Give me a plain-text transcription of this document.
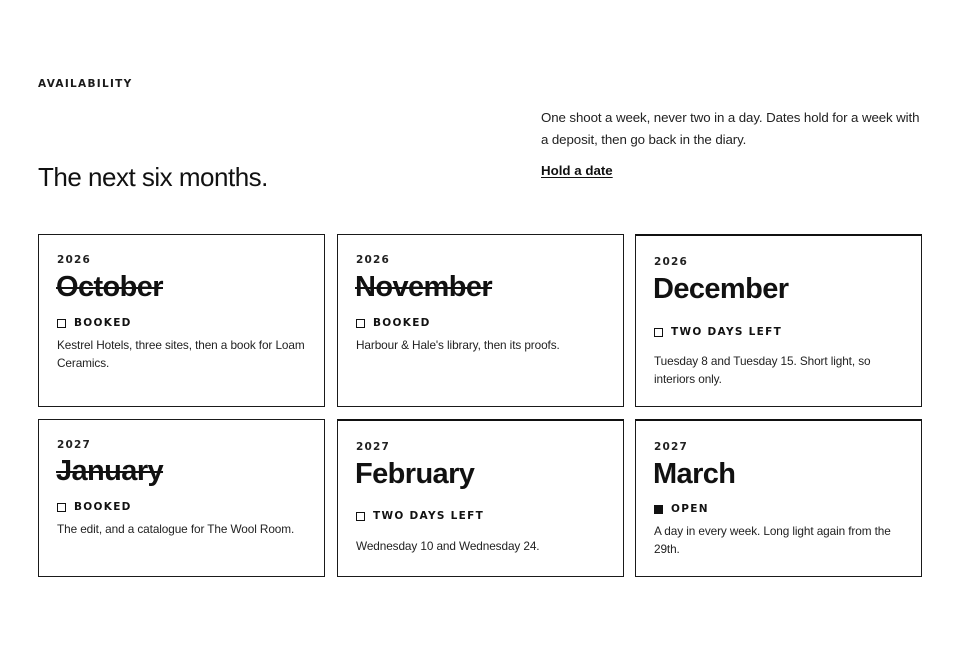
AVAILABILITY
The next six months.

One shoot a week, never two in a day. Dates hold for a week with a deposit, then go back in the diary.

Hold a date
2026
October
BOOKED
Kestrel Hotels, three sites, then a book for Loam Ceramics.
2026
November
BOOKED
Harbour & Hale's library, then its proofs.
2026
December
TWO DAYS LEFT
Tuesday 8 and Tuesday 15. Short light, so interiors only.
2027
January
BOOKED
The edit, and a catalogue for The Wool Room.
2027
February
TWO DAYS LEFT
Wednesday 10 and Wednesday 24.
2027
March
OPEN
A day in every week. Long light again from the 29th.
